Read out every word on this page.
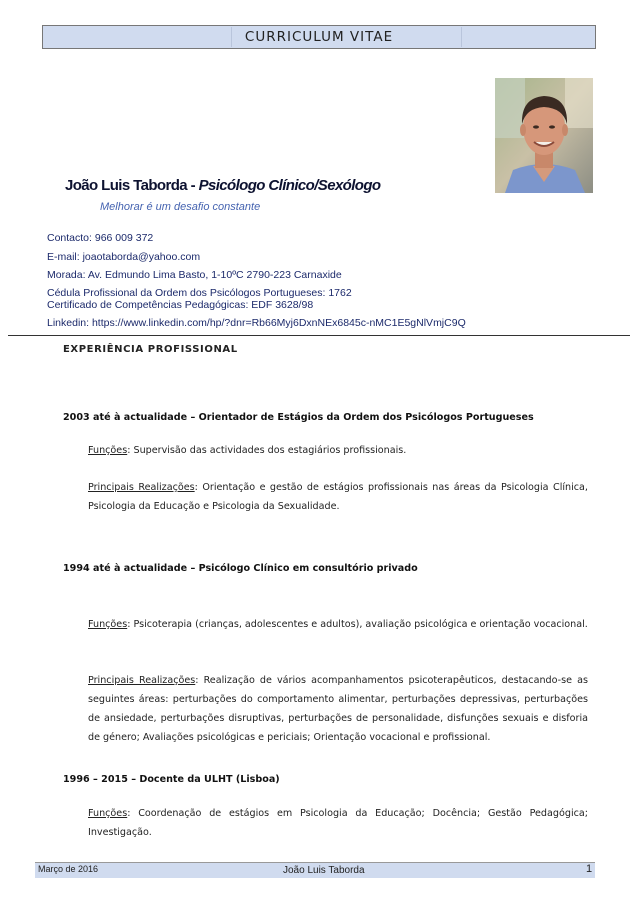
CURRICULUM VITAE
João Luis Taborda - Psicólogo Clínico/Sexólogo
Melhorar é um desafio constante
Contacto: 966 009 372
E-mail: joaotaborda@yahoo.com
Morada: Av. Edmundo Lima Basto, 1-10ºC 2790-223 Carnaxide
Cédula Profissional da Ordem dos Psicólogos Portugueses: 1762
Certificado de Competências Pedagógicas: EDF 3628/98
Linkedin: https://www.linkedin.com/hp/?dnr=Rb66Myj6DxnNEx6845c-nMC1E5gNlVmjC9Q
EXPERIÊNCIA PROFISSIONAL
2003 até à actualidade – Orientador de Estágios da Ordem dos Psicólogos Portugueses
Funções: Supervisão das actividades dos estagiários profissionais.
Principais Realizações: Orientação e gestão de estágios profissionais nas áreas da Psicologia Clínica, Psicologia da Educação e Psicologia da Sexualidade.
1994 até à actualidade – Psicólogo Clínico em consultório privado
Funções: Psicoterapia (crianças, adolescentes e adultos), avaliação psicológica e orientação vocacional.
Principais Realizações: Realização de vários acompanhamentos psicoterapêuticos, destacando-se as seguintes áreas: perturbações do comportamento alimentar, perturbações depressivas, perturbações de ansiedade, perturbações disruptivas, perturbações de personalidade, disfunções sexuais e disforia de género; Avaliações psicológicas e periciais; Orientação vocacional e profissional.
1996 – 2015 – Docente da ULHT (Lisboa)
Funções: Coordenação de estágios em Psicologia da Educação; Docência; Gestão Pedagógica; Investigação.
Março de 2016	João Luis Taborda	1
